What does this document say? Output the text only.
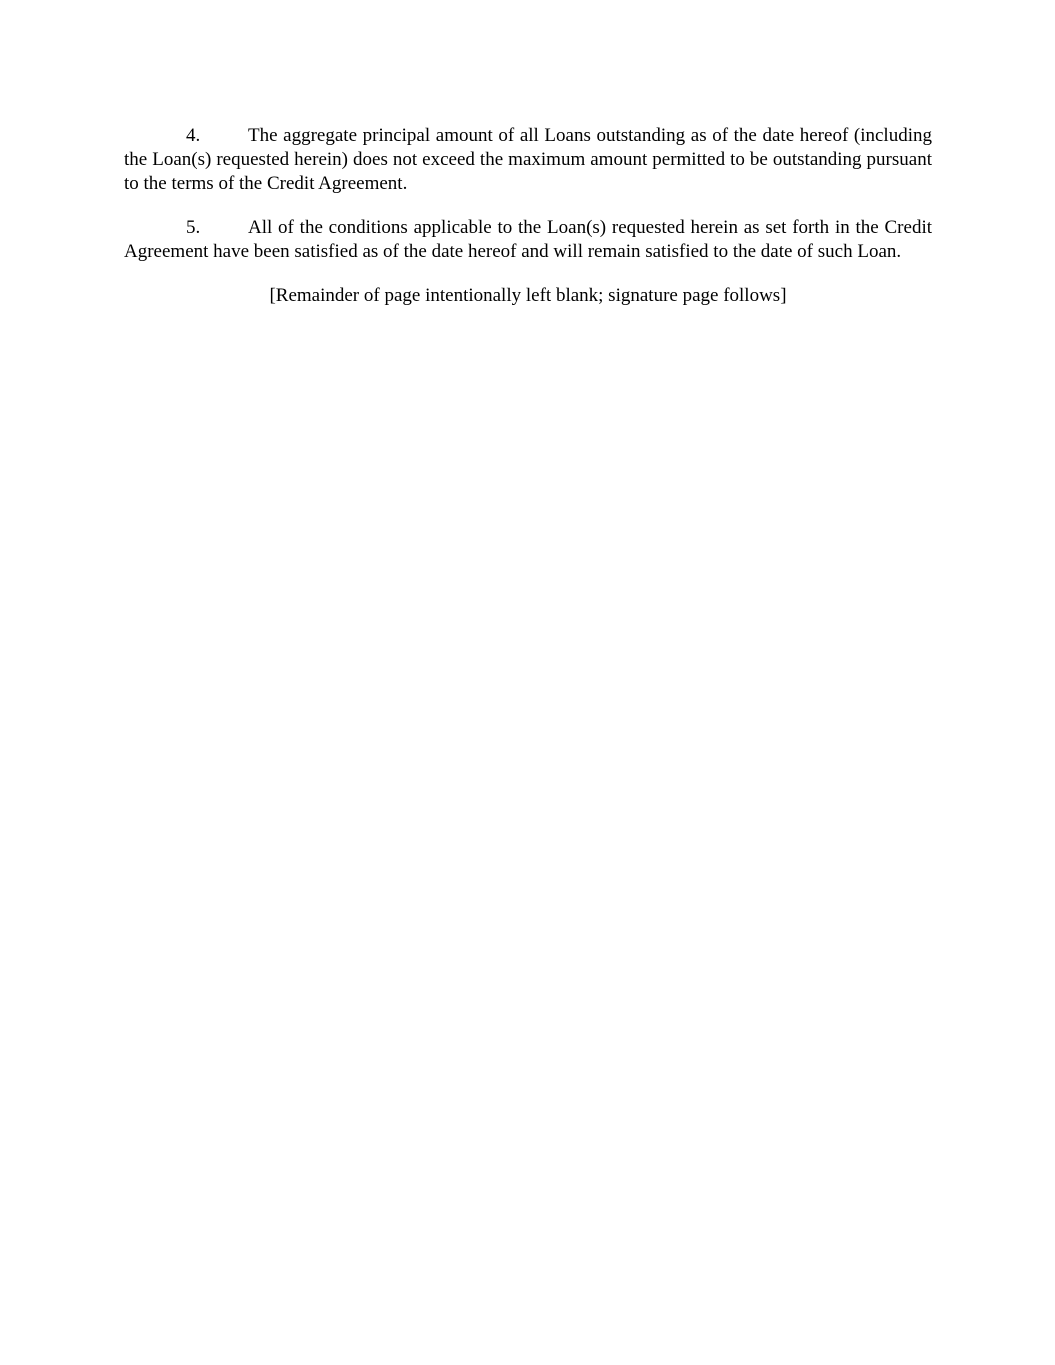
4.	The aggregate principal amount of all Loans outstanding as of the date hereof (including the Loan(s) requested herein) does not exceed the maximum amount permitted to be outstanding pursuant to the terms of the Credit Agreement.

5.	All of the conditions applicable to the Loan(s) requested herein as set forth in the Credit Agreement have been satisfied as of the date hereof and will remain satisfied to the date of such Loan.

[Remainder of page intentionally left blank; signature page follows]
